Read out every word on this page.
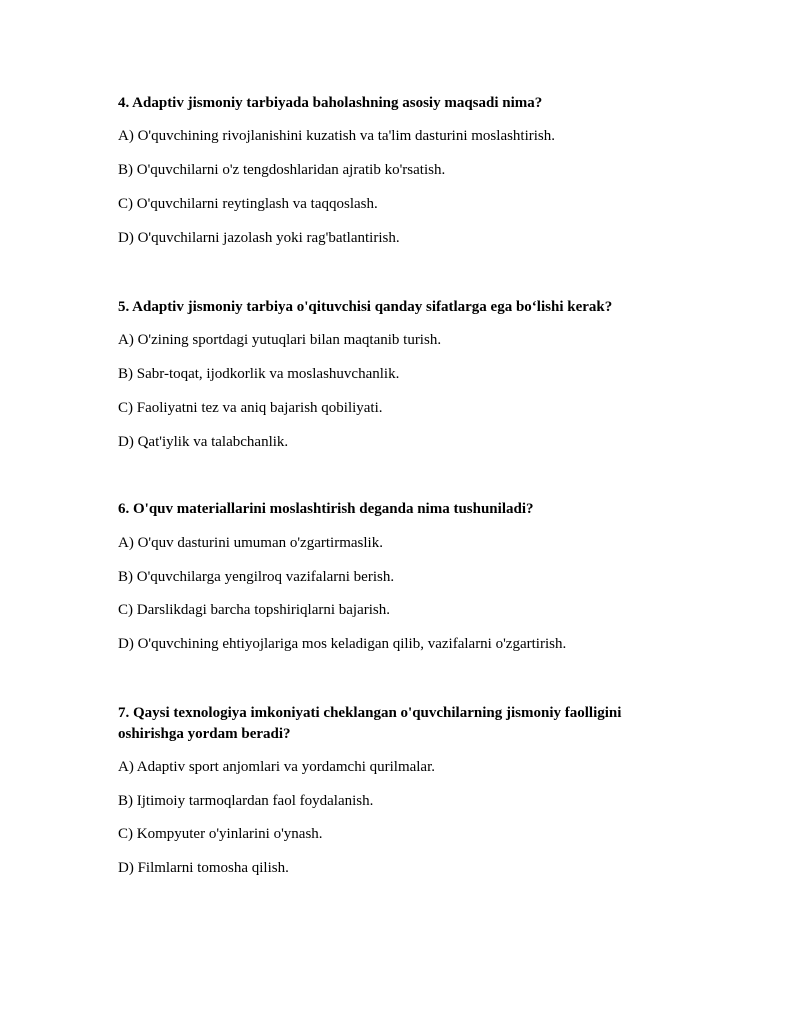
4. Adaptiv jismoniy tarbiyada baholashning asosiy maqsadi nima?

A) O'quvchining rivojlanishini kuzatish va ta'lim dasturini moslashtirish.

B) O'quvchilarni o'z tengdoshlaridan ajratib ko'rsatish.

C) O'quvchilarni reytinglash va taqqoslash.

D) O'quvchilarni jazolash yoki rag'batlantirish.

5. Adaptiv jismoniy tarbiya o'qituvchisi qanday sifatlarga ega boʻlishi kerak?

A) O'zining sportdagi yutuqlari bilan maqtanib turish.

B) Sabr-toqat, ijodkorlik va moslashuvchanlik.

C) Faoliyatni tez va aniq bajarish qobiliyati.

D) Qat'iylik va talabchanlik.

6. O'quv materiallarini moslashtirish deganda nima tushuniladi?

A) O'quv dasturini umuman o'zgartirmaslik.

B) O'quvchilarga yengilroq vazifalarni berish.

C) Darslikdagi barcha topshiriqlarni bajarish.

D) O'quvchining ehtiyojlariga mos keladigan qilib, vazifalarni o'zgartirish.

7. Qaysi texnologiya imkoniyati cheklangan o'quvchilarning jismoniy faolligini oshirishga yordam beradi?

A) Adaptiv sport anjomlari va yordamchi qurilmalar.

B) Ijtimoiy tarmoqlardan faol foydalanish.

C) Kompyuter o'yinlarini o'ynash.

D) Filmlarni tomosha qilish.
